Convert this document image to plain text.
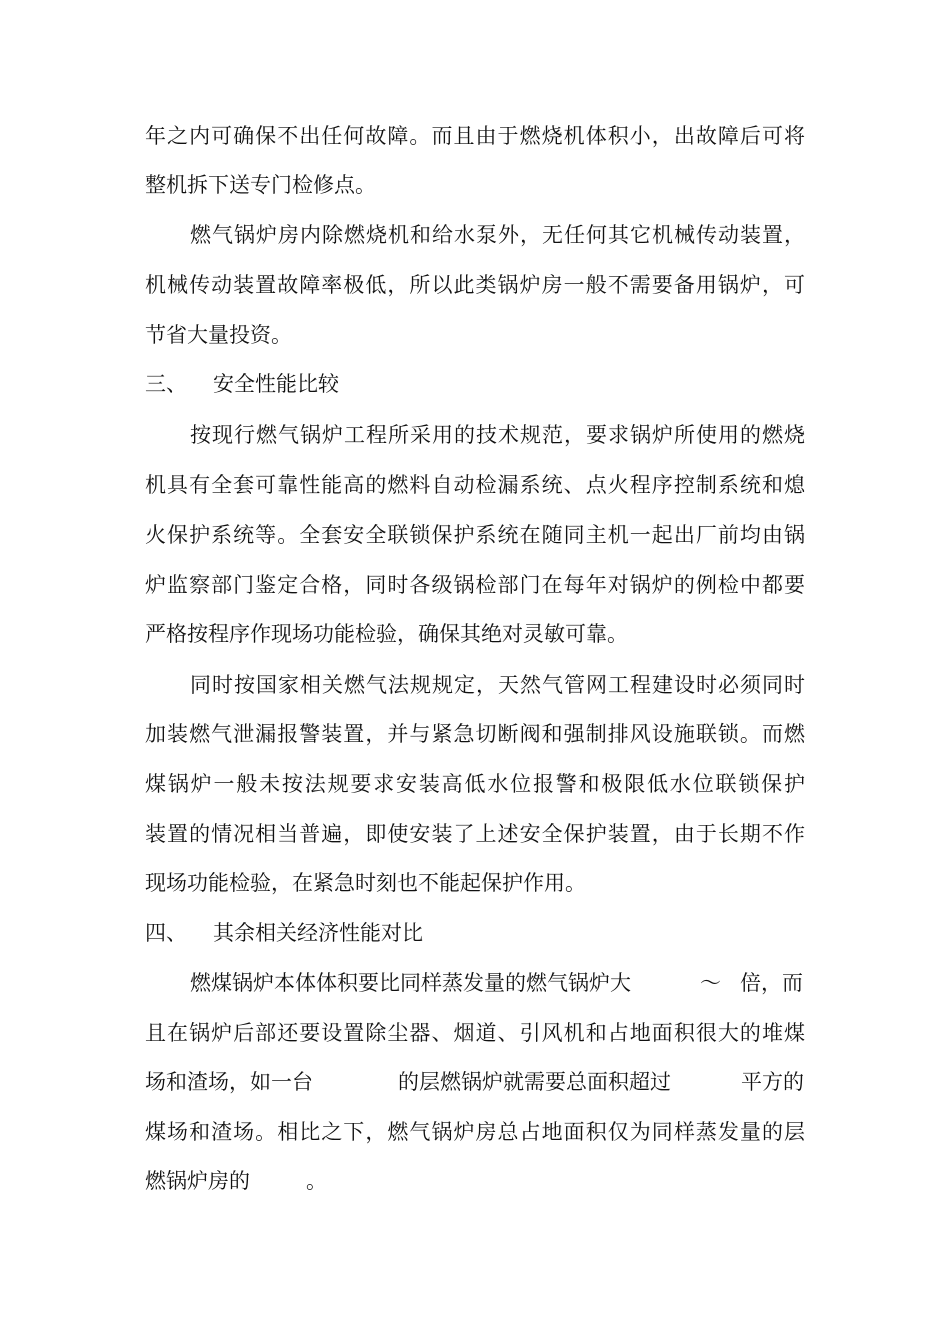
年之内可确保不出任何故障。而且由于燃烧机体积小，出故障后可将
整机拆下送专门检修点。
燃气锅炉房内除燃烧机和给水泵外，无任何其它机械传动装置，
机械传动装置故障率极低，所以此类锅炉房一般不需要备用锅炉，可
节省大量投资。
三、 安全性能比较
按现行燃气锅炉工程所采用的技术规范，要求锅炉所使用的燃烧
机具有全套可靠性能高的燃料自动检漏系统、点火程序控制系统和熄
火保护系统等。全套安全联锁保护系统在随同主机一起出厂前均由锅
炉监察部门鉴定合格，同时各级锅检部门在每年对锅炉的例检中都要
严格按程序作现场功能检验，确保其绝对灵敏可靠。
同时按国家相关燃气法规规定，天然气管网工程建设时必须同时
加装燃气泄漏报警装置，并与紧急切断阀和强制排风设施联锁。而燃
煤锅炉一般未按法规要求安装高低水位报警和极限低水位联锁保护
装置的情况相当普遍，即使安装了上述安全保护装置，由于长期不作
现场功能检验，在紧急时刻也不能起保护作用。
四、 其余相关经济性能对比
燃煤锅炉本体体积要比同样蒸发量的燃气锅炉大	～ 倍，而
且在锅炉后部还要设置除尘器、烟道、引风机和占地面积很大的堆煤
场和渣场，如一台	的层燃锅炉就需要总面积超过	平方的
煤场和渣场。相比之下，燃气锅炉房总占地面积仅为同样蒸发量的层
燃锅炉房的	。
